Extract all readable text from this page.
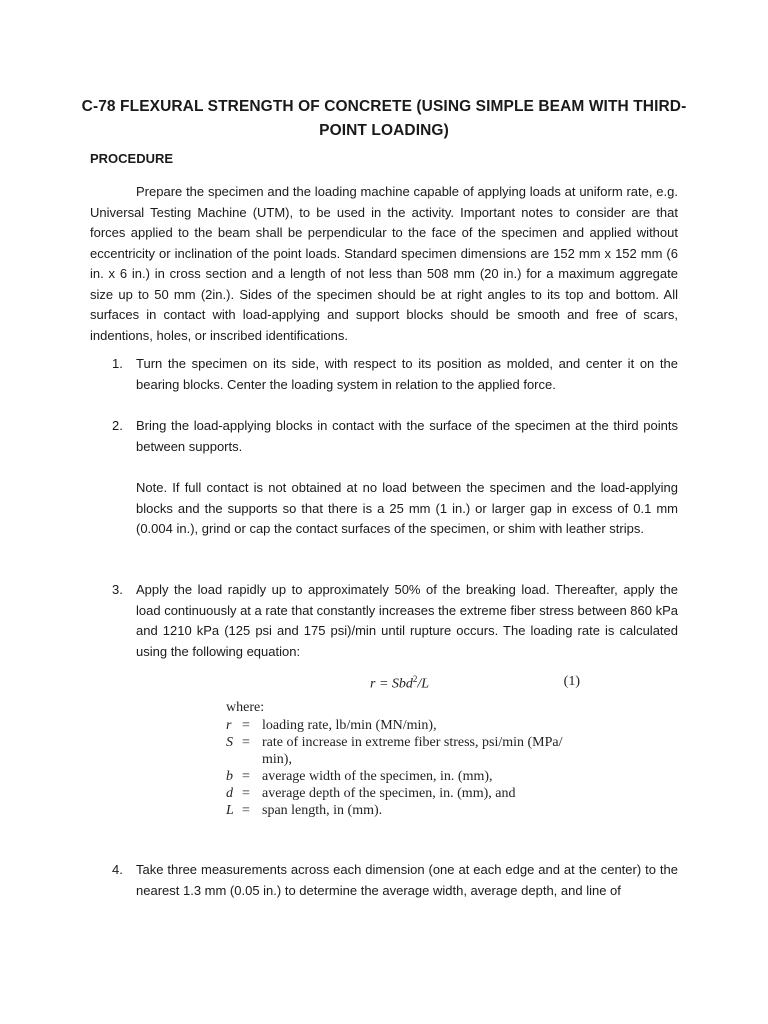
C-78 FLEXURAL STRENGTH OF CONCRETE (USING SIMPLE BEAM WITH THIRD-
POINT LOADING)
PROCEDURE

Prepare the specimen and the loading machine capable of applying loads at uniform rate, e.g. Universal Testing Machine (UTM), to be used in the activity. Important notes to consider are that forces applied to the beam shall be perpendicular to the face of the specimen and applied without eccentricity or inclination of the point loads. Standard specimen dimensions are 152 mm x 152 mm (6 in. x 6 in.) in cross section and a length of not less than 508 mm (20 in.) for a maximum aggregate size up to 50 mm (2in.). Sides of the specimen should be at right angles to its top and bottom. All surfaces in contact with load-applying and support blocks should be smooth and free of scars, indentions, holes, or inscribed identifications.

1. Turn the specimen on its side, with respect to its position as molded, and center it on the bearing blocks. Center the loading system in relation to the applied force.
2. Bring the load-applying blocks in contact with the surface of the specimen at the third points between supports.

Note. If full contact is not obtained at no load between the specimen and the load-applying blocks and the supports so that there is a 25 mm (1 in.) or larger gap in excess of 0.1 mm (0.004 in.), grind or cap the contact surfaces of the specimen, or shim with leather strips.

3. Apply the load rapidly up to approximately 50% of the breaking load. Thereafter, apply the load continuously at a rate that constantly increases the extreme fiber stress between 860 kPa and 1210 kPa (125 psi and 175 psi)/min until rupture occurs. The loading rate is calculated using the following equation:
r = Sbd$^2$/L	(1)
where:
r = loading rate, lb/min (MN/min),
S = rate of increase in extreme fiber stress, psi/min (MPa/
min),
b = average width of the specimen, in. (mm),
d = average depth of the specimen, in. (mm), and
L = span length, in (mm).
4. Take three measurements across each dimension (one at each edge and at the center) to the nearest 1.3 mm (0.05 in.) to determine the average width, average depth, and line of
